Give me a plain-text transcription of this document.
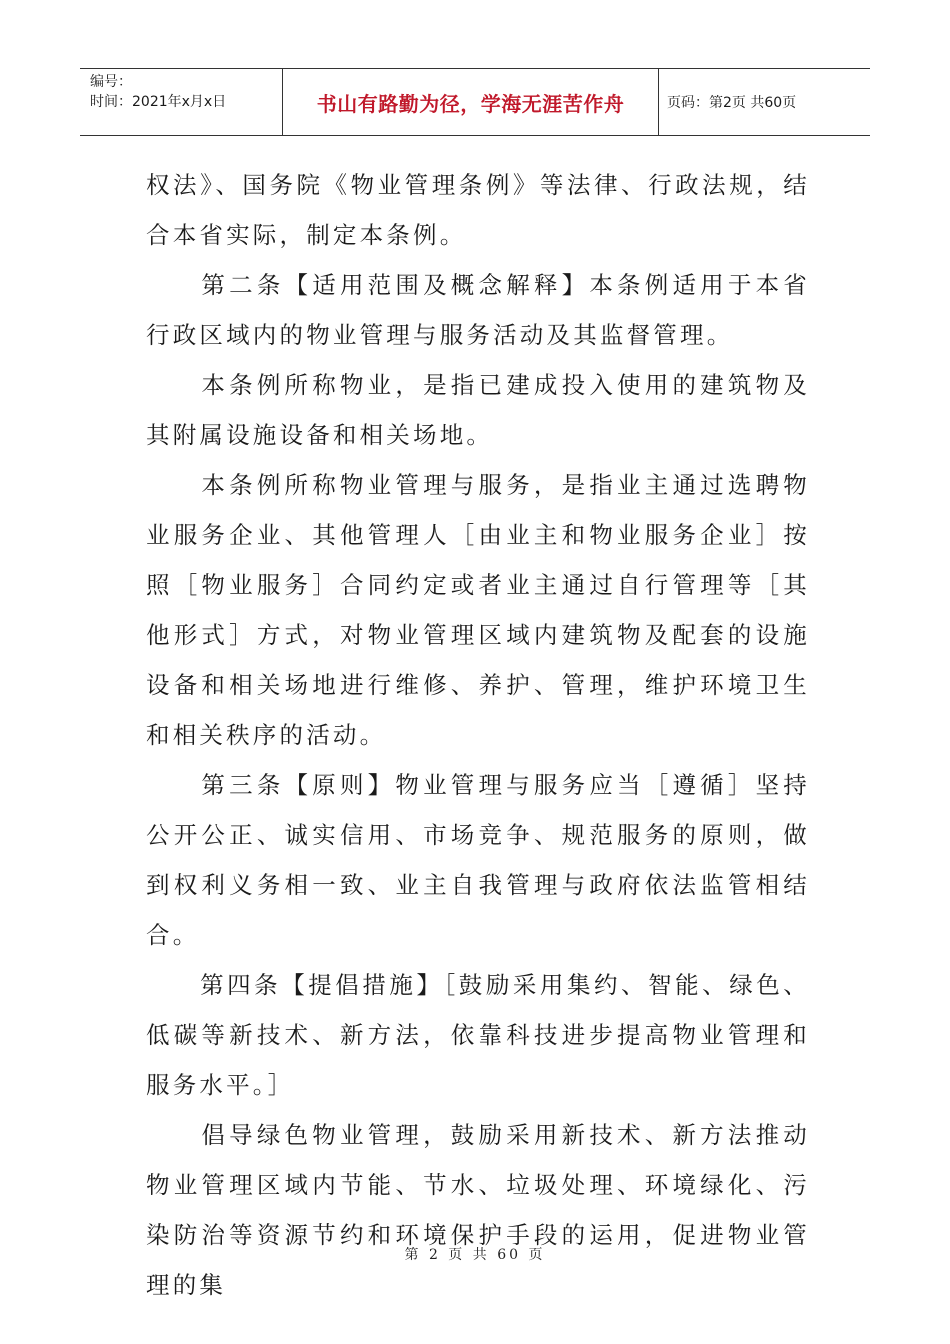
编号：
时间：2021年x月x日	书山有路勤为径，学海无涯苦作舟	页码：第2页 共60页

权法》、国务院《物业管理条例》等法律、行政法规，结合本省实际，制定本条例。

　　第二条【适用范围及概念解释】本条例适用于本省行政区域内的物业管理与服务活动及其监督管理。

　　本条例所称物业，是指已建成投入使用的建筑物及其附属设施设备和相关场地。

　　本条例所称物业管理与服务，是指业主通过选聘物业服务企业、其他管理人［由业主和物业服务企业］按照［物业服务］合同约定或者业主通过自行管理等［其他形式］方式，对物业管理区域内建筑物及配套的设施设备和相关场地进行维修、养护、管理，维护环境卫生和相关秩序的活动。

　　第三条【原则】物业管理与服务应当［遵循］坚持公开公正、诚实信用、市场竞争、规范服务的原则，做到权利义务相一致、业主自我管理与政府依法监管相结合。

　　第四条【提倡措施】［鼓励采用集约、智能、绿色、低碳等新技术、新方法，依靠科技进步提高物业管理和服务水平。］

　　倡导绿色物业管理，鼓励采用新技术、新方法推动物业管理区域内节能、节水、垃圾处理、环境绿化、污染防治等资源节约和环境保护手段的运用，促进物业管理的集

第 2 页 共 60 页
